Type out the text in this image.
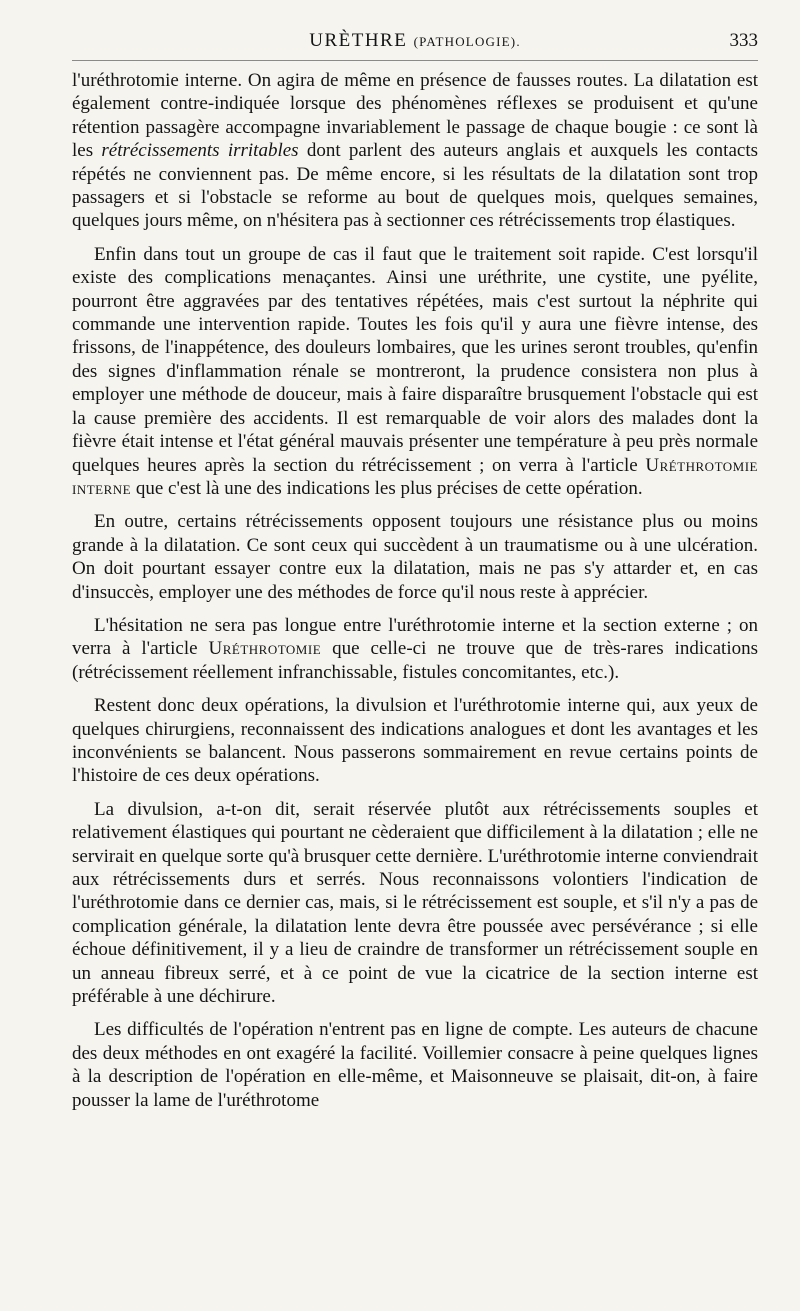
URÈTHRE (PATHOLOGIE).	333

l'uréthrotomie interne. On agira de même en présence de fausses routes. La dilatation est également contre-indiquée lorsque des phénomènes réflexes se produisent et qu'une rétention passagère accompagne invariablement le passage de chaque bougie : ce sont là les rétrécissements irritables dont parlent des auteurs anglais et auxquels les contacts répétés ne conviennent pas. De même encore, si les résultats de la dilatation sont trop passagers et si l'obstacle se reforme au bout de quelques mois, quelques semaines, quelques jours même, on n'hésitera pas à sectionner ces rétrécissements trop élastiques.

Enfin dans tout un groupe de cas il faut que le traitement soit rapide. C'est lorsqu'il existe des complications menaçantes. Ainsi une uréthrite, une cystite, une pyélite, pourront être aggravées par des tentatives répétées, mais c'est surtout la néphrite qui commande une intervention rapide. Toutes les fois qu'il y aura une fièvre intense, des frissons, de l'inappétence, des douleurs lombaires, que les urines seront troubles, qu'enfin des signes d'inflammation rénale se montreront, la prudence consistera non plus à employer une méthode de douceur, mais à faire disparaître brusquement l'obstacle qui est la cause première des accidents. Il est remarquable de voir alors des malades dont la fièvre était intense et l'état général mauvais présenter une température à peu près normale quelques heures après la section du rétrécissement ; on verra à l'article Uréthrotomie interne que c'est là une des indications les plus précises de cette opération.

En outre, certains rétrécissements opposent toujours une résistance plus ou moins grande à la dilatation. Ce sont ceux qui succèdent à un traumatisme ou à une ulcération. On doit pourtant essayer contre eux la dilatation, mais ne pas s'y attarder et, en cas d'insuccès, employer une des méthodes de force qu'il nous reste à apprécier.

L'hésitation ne sera pas longue entre l'uréthrotomie interne et la section externe ; on verra à l'article Uréthrotomie que celle-ci ne trouve que de très-rares indications (rétrécissement réellement infranchissable, fistules concomitantes, etc.).

Restent donc deux opérations, la divulsion et l'uréthrotomie interne qui, aux yeux de quelques chirurgiens, reconnaissent des indications analogues et dont les avantages et les inconvénients se balancent. Nous passerons sommairement en revue certains points de l'histoire de ces deux opérations.

La divulsion, a-t-on dit, serait réservée plutôt aux rétrécissements souples et relativement élastiques qui pourtant ne cèderaient que difficilement à la dilatation ; elle ne servirait en quelque sorte qu'à brusquer cette dernière. L'uréthrotomie interne conviendrait aux rétrécissements durs et serrés. Nous reconnaissons volontiers l'indication de l'uréthrotomie dans ce dernier cas, mais, si le rétrécissement est souple, et s'il n'y a pas de complication générale, la dilatation lente devra être poussée avec persévérance ; si elle échoue définitivement, il y a lieu de craindre de transformer un rétrécissement souple en un anneau fibreux serré, et à ce point de vue la cicatrice de la section interne est préférable à une déchirure.

Les difficultés de l'opération n'entrent pas en ligne de compte. Les auteurs de chacune des deux méthodes en ont exagéré la facilité. Voillemier consacre à peine quelques lignes à la description de l'opération en elle-même, et Maisonneuve se plaisait, dit-on, à faire pousser la lame de l'uréthrotome
